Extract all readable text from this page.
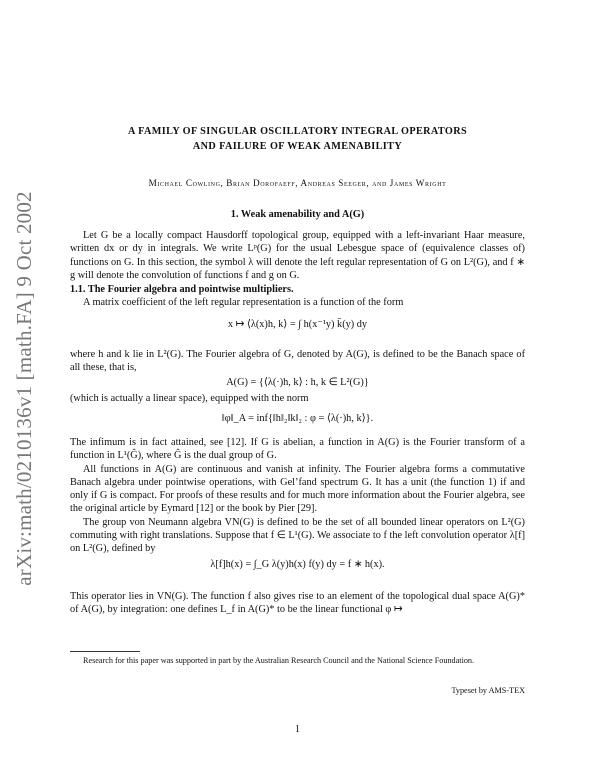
arXiv:math/0210136v1 [math.FA] 9 Oct 2002
A FAMILY OF SINGULAR OSCILLATORY INTEGRAL OPERATORS
AND FAILURE OF WEAK AMENABILITY
Michael Cowling, Brian Dorofaeff, Andreas Seeger, and James Wright
1. Weak amenability and A(G)

Let G be a locally compact Hausdorff topological group, equipped with a left-invariant Haar measure, written dx or dy in integrals. We write Lᵖ(G) for the usual Lebesgue space of (equivalence classes of) functions on G. In this section, the symbol λ will denote the left regular representation of G on L²(G), and f ∗ g will denote the convolution of functions f and g on G.

1.1. The Fourier algebra and pointwise multipliers.

A matrix coefficient of the left regular representation is a function of the form

x ↦ ⟨λ(x)h, k⟩ = ∫ h(x⁻¹y) k̄(y) dy

where h and k lie in L²(G). The Fourier algebra of G, denoted by A(G), is defined to be the Banach space of all these, that is,

A(G) = {⟨λ(·)h, k⟩ : h, k ∈ L²(G)}

(which is actually a linear space), equipped with the norm

‖φ‖_A = inf{‖h‖₂‖k‖₂ : φ = ⟨λ(·)h, k⟩}.

The infimum is in fact attained, see [12]. If G is abelian, a function in A(G) is the Fourier transform of a function in L¹(Ĝ), where Ĝ is the dual group of G.

All functions in A(G) are continuous and vanish at infinity. The Fourier algebra forms a commutative Banach algebra under pointwise operations, with Gel’fand spectrum G. It has a unit (the function 1) if and only if G is compact. For proofs of these results and for much more information about the Fourier algebra, see the original article by Eymard [12] or the book by Pier [29].

The group von Neumann algebra VN(G) is defined to be the set of all bounded linear operators on L²(G) commuting with right translations. Suppose that f ∈ L¹(G). We associate to f the left convolution operator λ[f] on L²(G), defined by

λ[f]h(x) = ∫_G λ(y)h(x) f(y) dy = f ∗ h(x).

This operator lies in VN(G). The function f also gives rise to an element of the topological dual space A(G)* of A(G), by integration: one defines L_f in A(G)* to be the linear functional φ ↦

Research for this paper was supported in part by the Australian Research Council and the National Science Foundation.
Typeset by AMS-TEX
1
